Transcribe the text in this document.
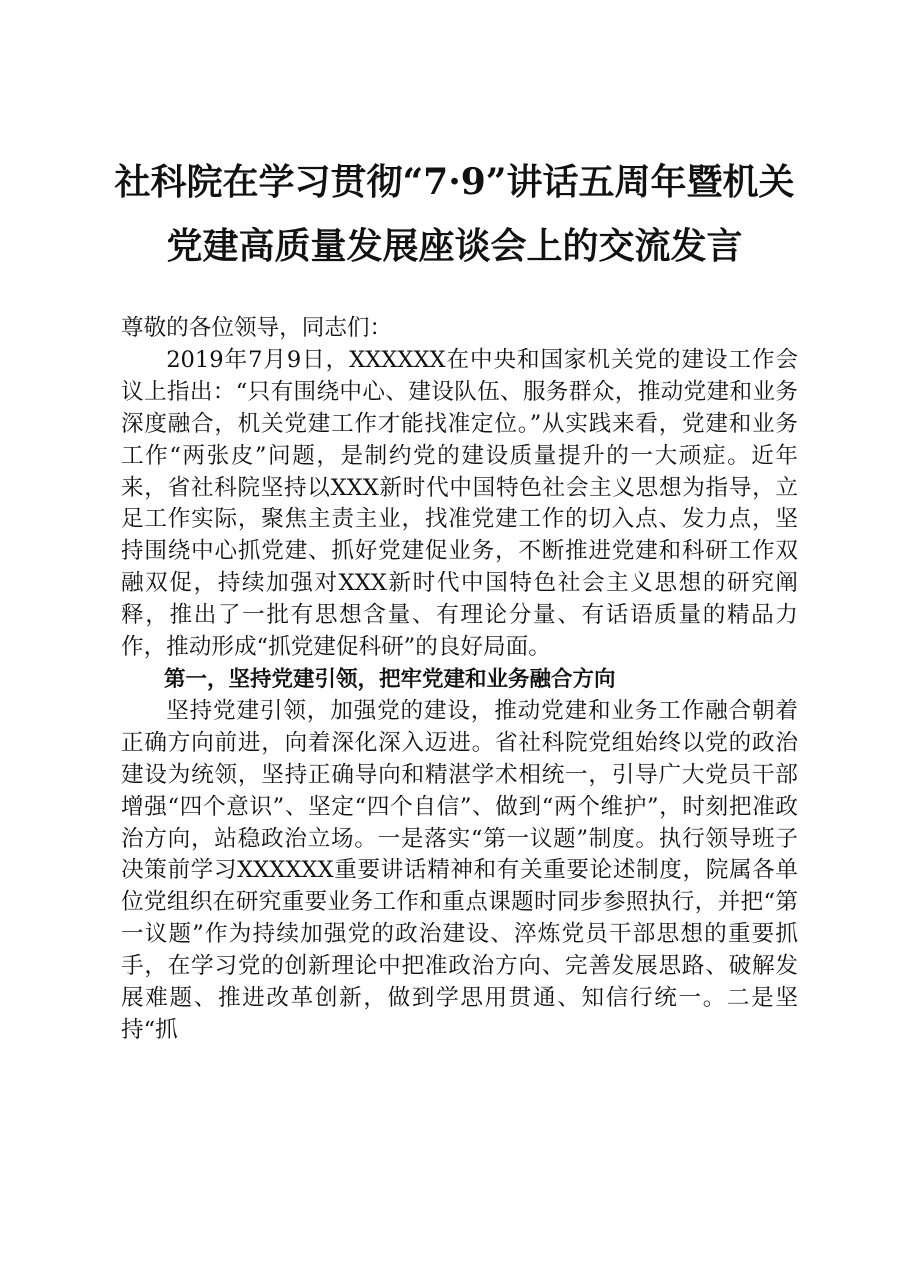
社科院在学习贯彻“7·9”讲话五周年暨机关
党建高质量发展座谈会上的交流发言

尊敬的各位领导，同志们：

2019年7月9日，XXXXXX在中央和国家机关党的建设工作会议上指出：“只有围绕中心、建设队伍、服务群众，推动党建和业务深度融合，机关党建工作才能找准定位。”从实践来看，党建和业务工作“两张皮”问题，是制约党的建设质量提升的一大顽症。近年来，省社科院坚持以XXX新时代中国特色社会主义思想为指导，立足工作实际，聚焦主责主业，找准党建工作的切入点、发力点，坚持围绕中心抓党建、抓好党建促业务，不断推进党建和科研工作双融双促，持续加强对XXX新时代中国特色社会主义思想的研究阐释，推出了一批有思想含量、有理论分量、有话语质量的精品力作，推动形成“抓党建促科研”的良好局面。

第一，坚持党建引领，把牢党建和业务融合方向

坚持党建引领，加强党的建设，推动党建和业务工作融合朝着正确方向前进，向着深化深入迈进。省社科院党组始终以党的政治建设为统领，坚持正确导向和精湛学术相统一，引导广大党员干部增强“四个意识”、坚定“四个自信”、做到“两个维护”，时刻把准政治方向，站稳政治立场。一是落实“第一议题”制度。执行领导班子决策前学习XXXXXX重要讲话精神和有关重要论述制度，院属各单位党组织在研究重要业务工作和重点课题时同步参照执行，并把“第一议题”作为持续加强党的政治建设、淬炼党员干部思想的重要抓手，在学习党的创新理论中把准政治方向、完善发展思路、破解发展难题、推进改革创新，做到学思用贯通、知信行统一。二是坚持“抓
